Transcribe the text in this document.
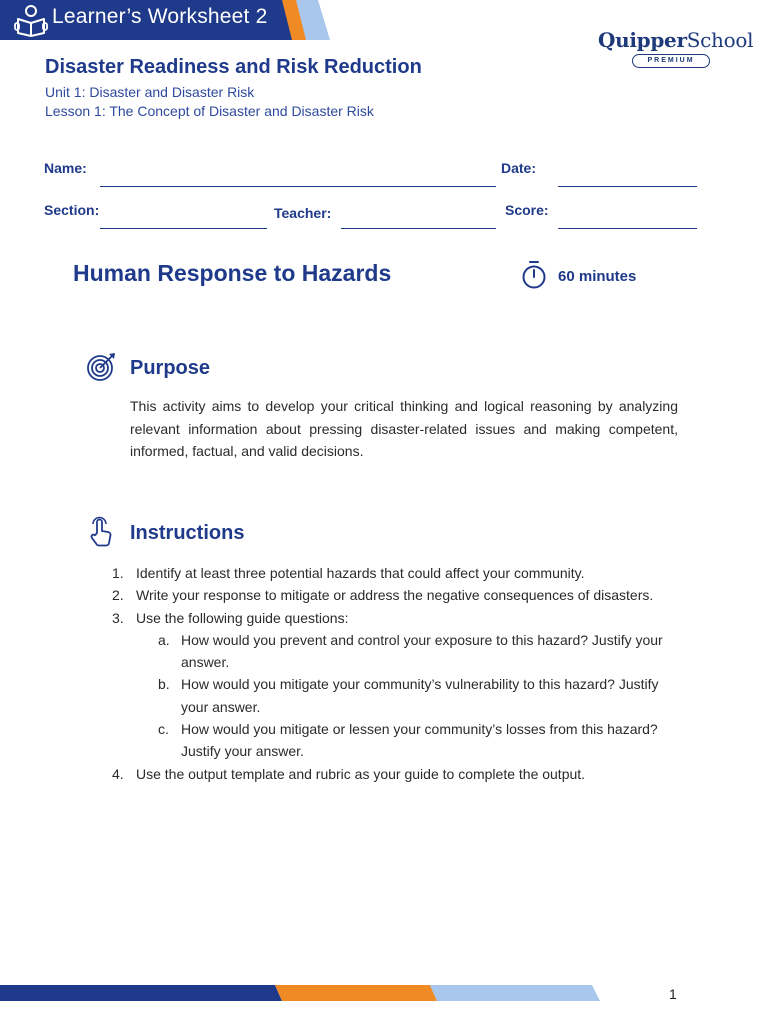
Learner’s Worksheet 2
QuipperSchool
PREMIUM
Disaster Readiness and Risk Reduction
Unit 1: Disaster and Disaster Risk
Lesson 1: The Concept of Disaster and Disaster Risk
Name:	Date:
Section:	Teacher:	Score:
Human Response to Hazards	60 minutes
Purpose
This activity aims to develop your critical thinking and logical reasoning by analyzing relevant information about pressing disaster-related issues and making competent, informed, factual, and valid decisions.
Instructions
1. Identify at least three potential hazards that could affect your community.
2. Write your response to mitigate or address the negative consequences of disasters.
3. Use the following guide questions:
a. How would you prevent and control your exposure to this hazard? Justify your answer.
b. How would you mitigate your community’s vulnerability to this hazard? Justify your answer.
c. How would you mitigate or lessen your community’s losses from this hazard? Justify your answer.
4. Use the output template and rubric as your guide to complete the output.
1
